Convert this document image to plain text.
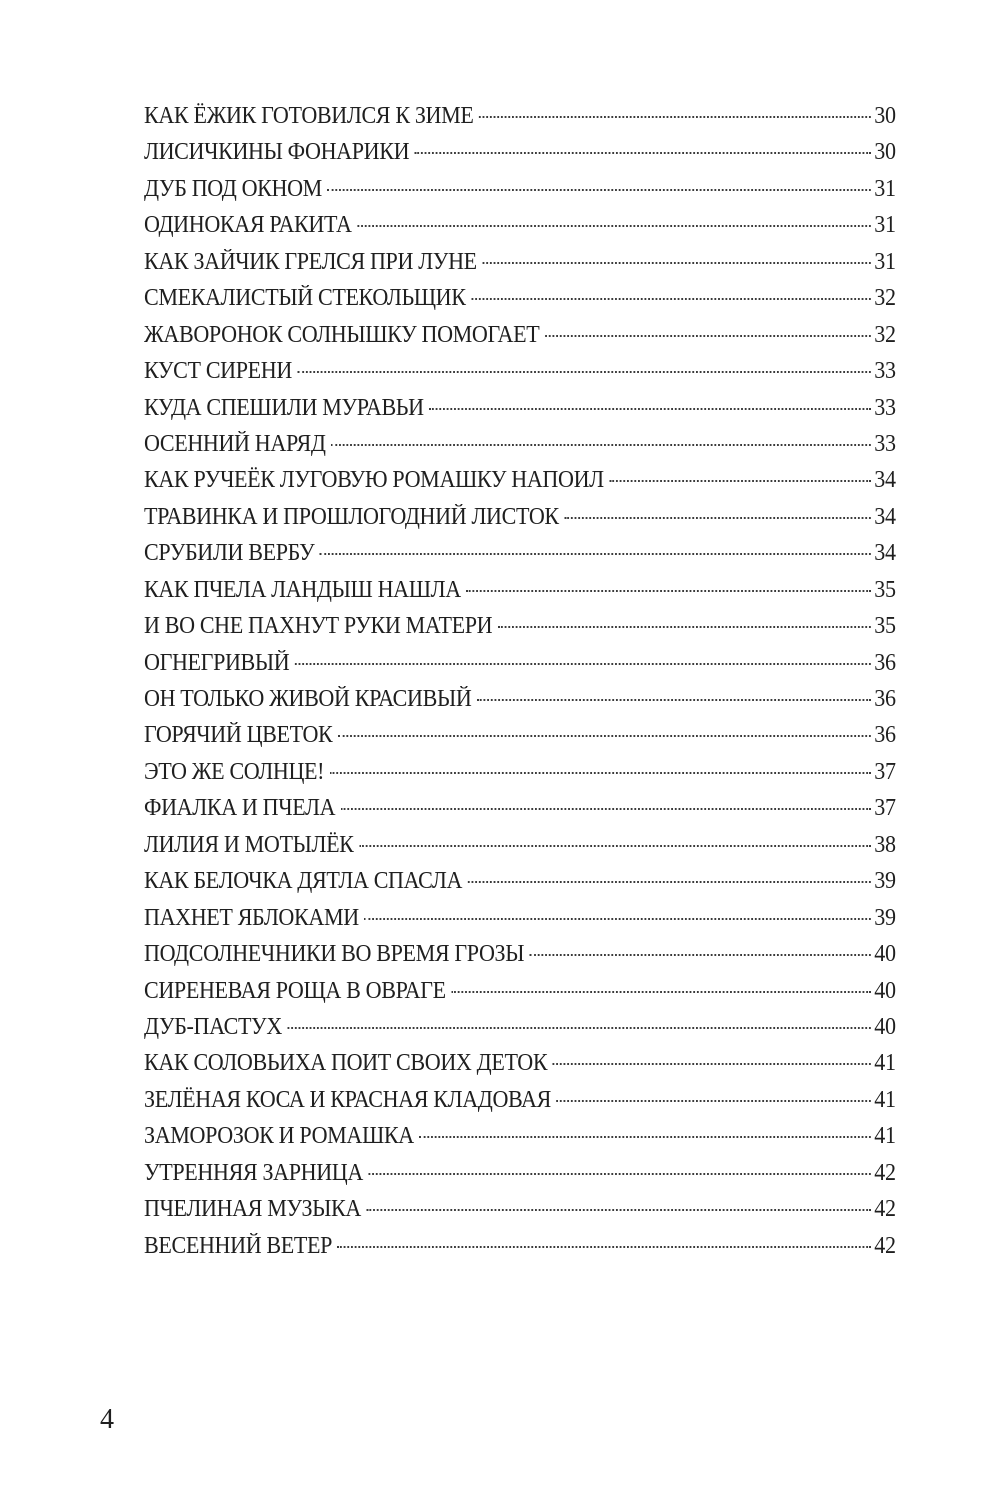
КАК ЁЖИК ГОТОВИЛСЯ К ЗИМЕ	30
ЛИСИЧКИНЫ ФОНАРИКИ	30
ДУБ ПОД ОКНОМ	31
ОДИНОКАЯ РАКИТА	31
КАК ЗАЙЧИК ГРЕЛСЯ ПРИ ЛУНЕ	31
СМЕКАЛИСТЫЙ СТЕКОЛЬЩИК	32
ЖАВОРОНОК СОЛНЫШКУ ПОМОГАЕТ	32
КУСТ СИРЕНИ	33
КУДА СПЕШИЛИ МУРАВЬИ	33
ОСЕННИЙ НАРЯД	33
КАК РУЧЕЁК ЛУГОВУЮ РОМАШКУ НАПОИЛ	34
ТРАВИНКА И ПРОШЛОГОДНИЙ ЛИСТОК	34
СРУБИЛИ ВЕРБУ	34
КАК ПЧЕЛА ЛАНДЫШ НАШЛА	35
И ВО СНЕ ПАХНУТ РУКИ МАТЕРИ	35
ОГНЕГРИВЫЙ	36
ОН ТОЛЬКО ЖИВОЙ КРАСИВЫЙ	36
ГОРЯЧИЙ ЦВЕТОК	36
ЭТО ЖЕ СОЛНЦЕ!	37
ФИАЛКА И ПЧЕЛА	37
ЛИЛИЯ И МОТЫЛЁК	38
КАК БЕЛОЧКА ДЯТЛА СПАСЛА	39
ПАХНЕТ ЯБЛОКАМИ	39
ПОДСОЛНЕЧНИКИ ВО ВРЕМЯ ГРОЗЫ	40
СИРЕНЕВАЯ РОЩА В ОВРАГЕ	40
ДУБ-ПАСТУХ	40
КАК СОЛОВЬИХА ПОИТ СВОИХ ДЕТОК	41
ЗЕЛЁНАЯ КОСА И КРАСНАЯ КЛАДОВАЯ	41
ЗАМОРОЗОК И РОМАШКА	41
УТРЕННЯЯ ЗАРНИЦА	42
ПЧЕЛИНАЯ МУЗЫКА	42
ВЕСЕННИЙ ВЕТЕР	42
4
